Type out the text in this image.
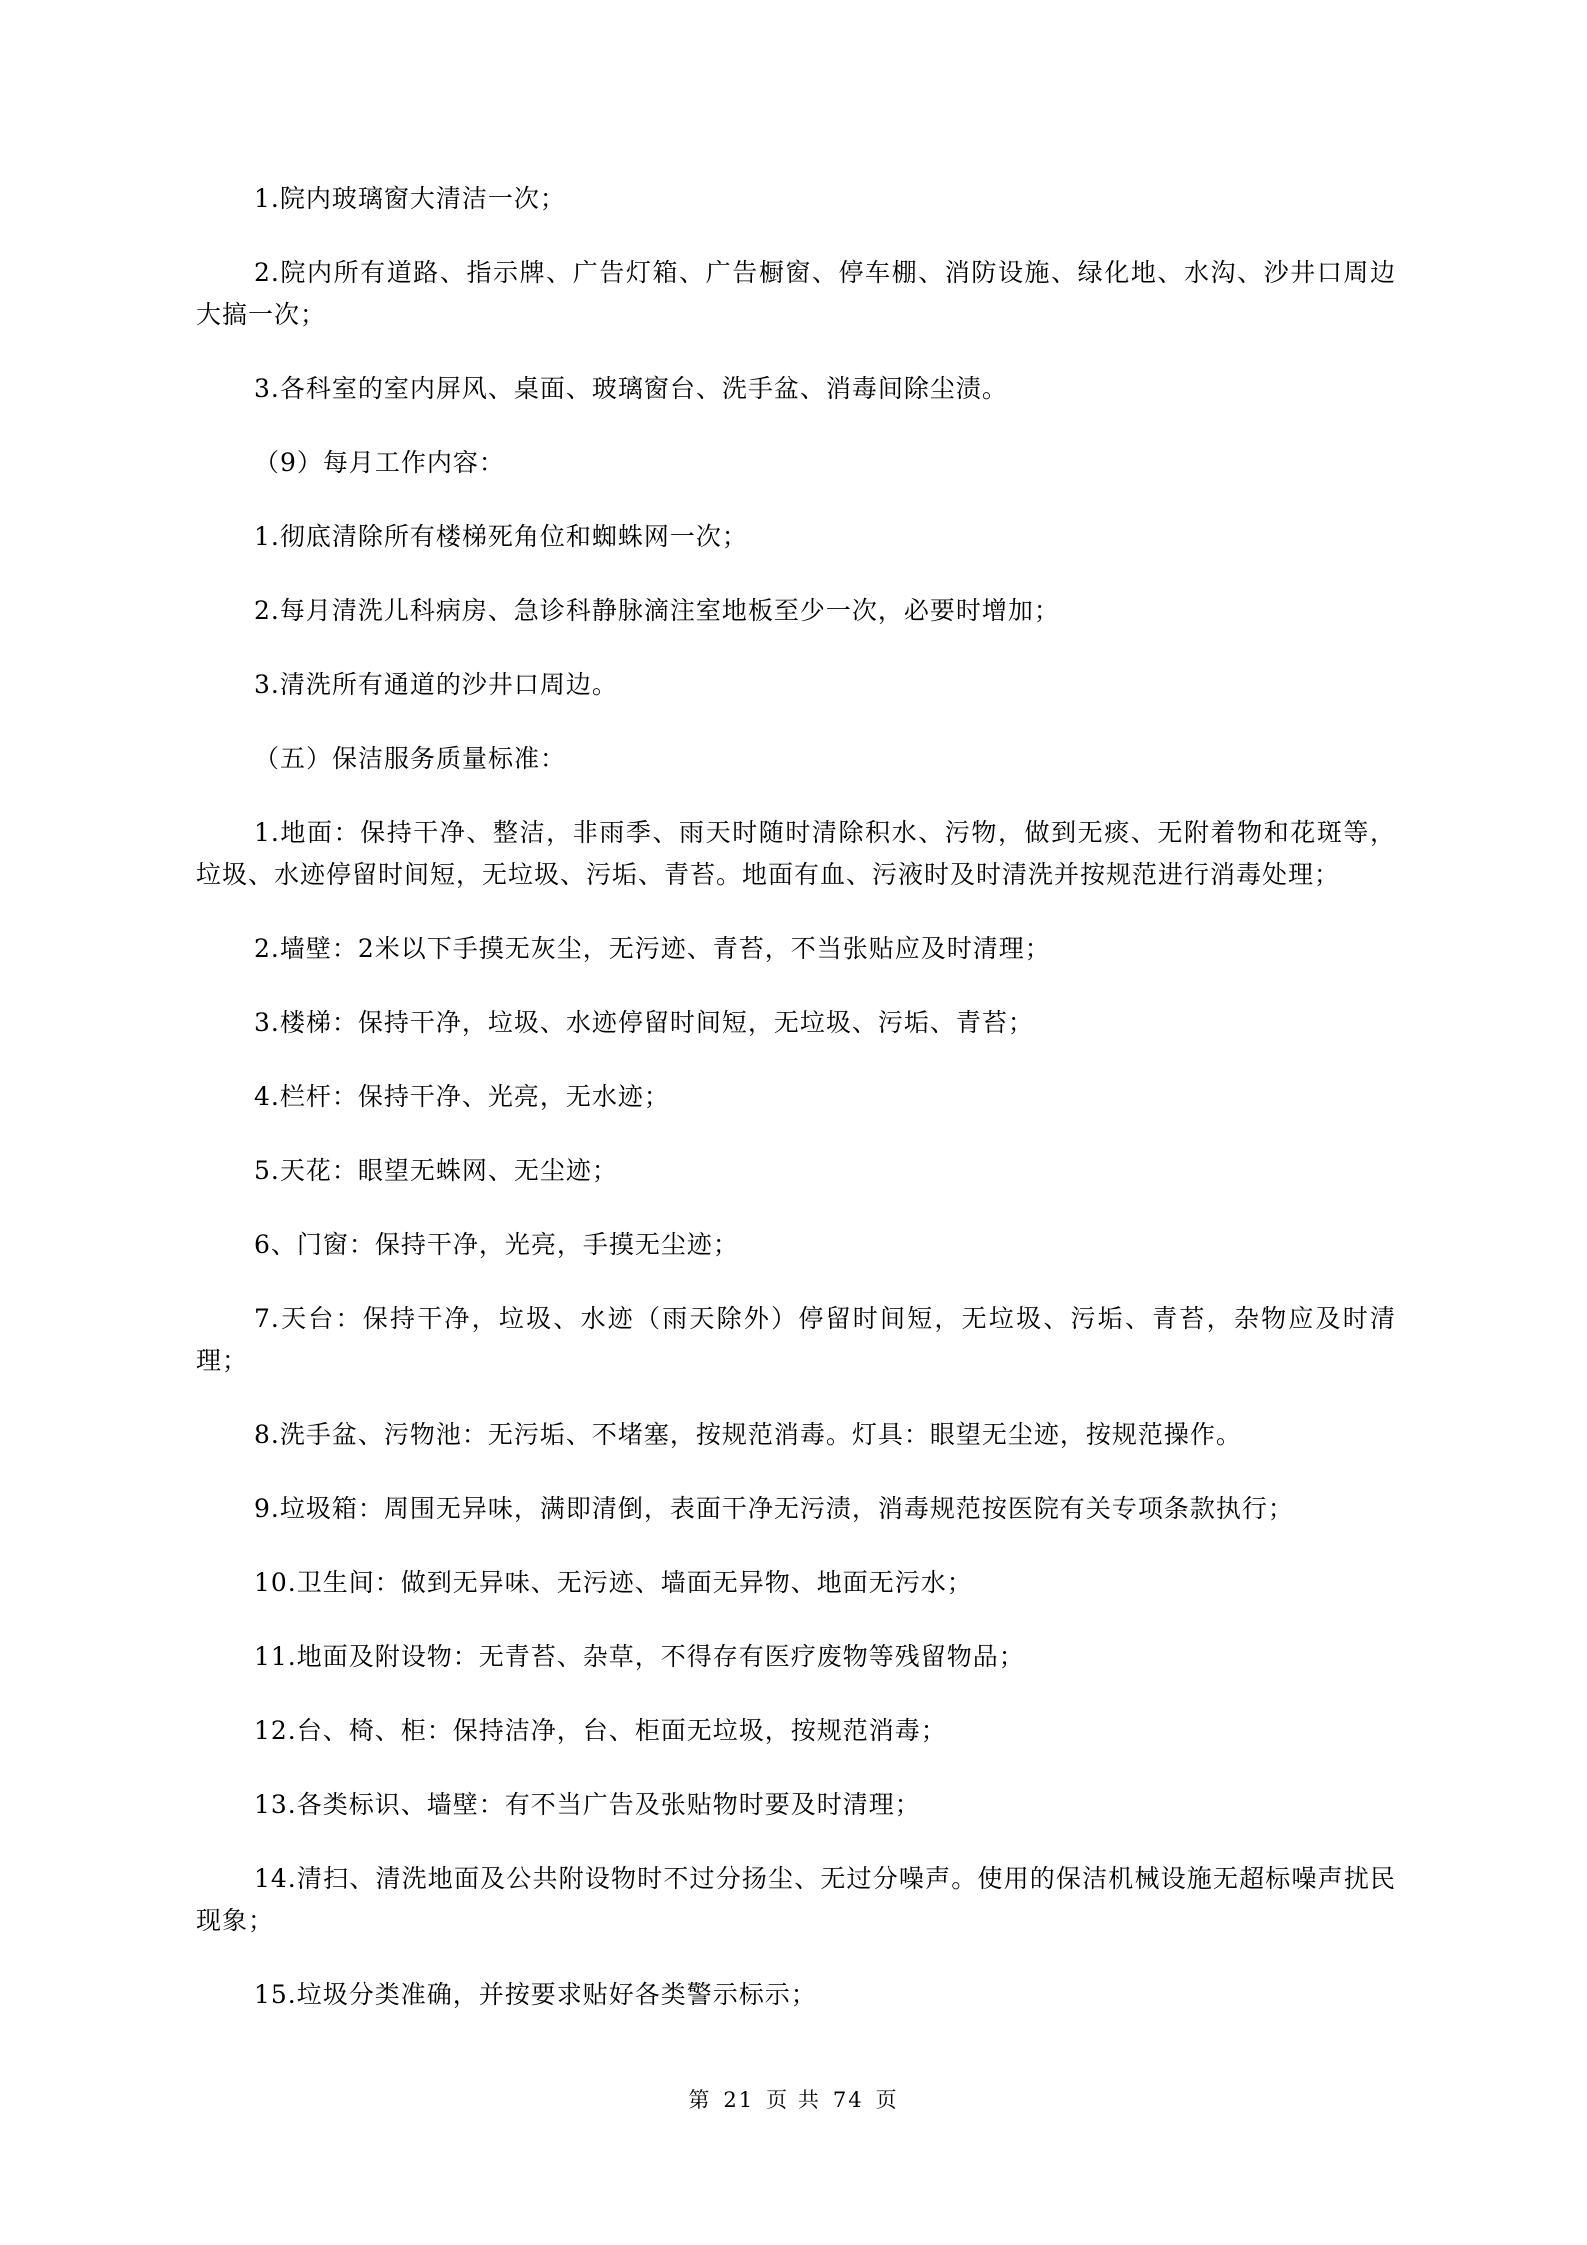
1.院内玻璃窗大清洁一次；

2.院内所有道路、指示牌、广告灯箱、广告橱窗、停车棚、消防设施、绿化地、水沟、沙井口周边大搞一次；

3.各科室的室内屏风、桌面、玻璃窗台、洗手盆、消毒间除尘渍。

（9）每月工作内容：

1.彻底清除所有楼梯死角位和蜘蛛网一次；

2.每月清洗儿科病房、急诊科静脉滴注室地板至少一次，必要时增加；

3.清洗所有通道的沙井口周边。

（五）保洁服务质量标准：

1.地面：保持干净、整洁，非雨季、雨天时随时清除积水、污物，做到无痰、无附着物和花斑等，垃圾、水迹停留时间短，无垃圾、污垢、青苔。地面有血、污液时及时清洗并按规范进行消毒处理；

2.墙壁：2米以下手摸无灰尘，无污迹、青苔，不当张贴应及时清理；

3.楼梯：保持干净，垃圾、水迹停留时间短，无垃圾、污垢、青苔；

4.栏杆：保持干净、光亮，无水迹；

5.天花：眼望无蛛网、无尘迹；

6、门窗：保持干净，光亮，手摸无尘迹；

7.天台：保持干净，垃圾、水迹（雨天除外）停留时间短，无垃圾、污垢、青苔，杂物应及时清理；

8.洗手盆、污物池：无污垢、不堵塞，按规范消毒。灯具：眼望无尘迹，按规范操作。

9.垃圾箱：周围无异味，满即清倒，表面干净无污渍，消毒规范按医院有关专项条款执行；

10.卫生间：做到无异味、无污迹、墙面无异物、地面无污水；

11.地面及附设物：无青苔、杂草，不得存有医疗废物等残留物品；

12.台、椅、柜：保持洁净，台、柜面无垃圾，按规范消毒；

13.各类标识、墙壁：有不当广告及张贴物时要及时清理；

14.清扫、清洗地面及公共附设物时不过分扬尘、无过分噪声。使用的保洁机械设施无超标噪声扰民现象；

15.垃圾分类准确，并按要求贴好各类警示标示；

第 21 页 共 74 页
